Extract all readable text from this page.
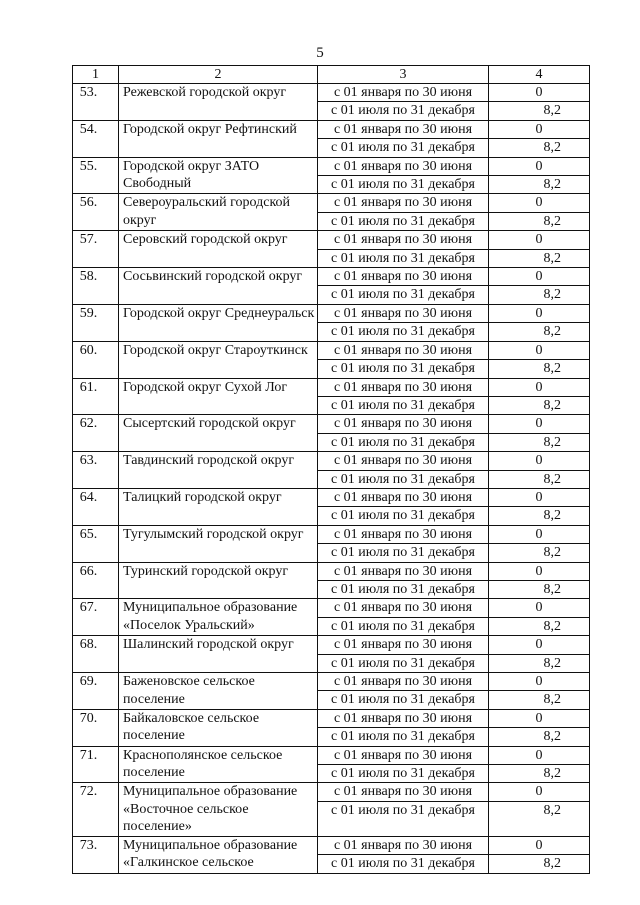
5
1	2	3	4
53.	Режевской городской округ	с 01 января по 30 июня	0
		с 01 июля по 31 декабря	8,2
54.	Городской округ Рефтинский	с 01 января по 30 июня	0
		с 01 июля по 31 декабря	8,2
55.	Городской округ ЗАТО Свободный	с 01 января по 30 июня	0
		с 01 июля по 31 декабря	8,2
56.	Североуральский городской округ	с 01 января по 30 июня	0
		с 01 июля по 31 декабря	8,2
57.	Серовский городской округ	с 01 января по 30 июня	0
		с 01 июля по 31 декабря	8,2
58.	Сосьвинский городской округ	с 01 января по 30 июня	0
		с 01 июля по 31 декабря	8,2
59.	Городской округ Среднеуральск	с 01 января по 30 июня	0
		с 01 июля по 31 декабря	8,2
60.	Городской округ Староуткинск	с 01 января по 30 июня	0
		с 01 июля по 31 декабря	8,2
61.	Городской округ Сухой Лог	с 01 января по 30 июня	0
		с 01 июля по 31 декабря	8,2
62.	Сысертский городской округ	с 01 января по 30 июня	0
		с 01 июля по 31 декабря	8,2
63.	Тавдинский городской округ	с 01 января по 30 июня	0
		с 01 июля по 31 декабря	8,2
64.	Талицкий городской округ	с 01 января по 30 июня	0
		с 01 июля по 31 декабря	8,2
65.	Тугулымский городской округ	с 01 января по 30 июня	0
		с 01 июля по 31 декабря	8,2
66.	Туринский городской округ	с 01 января по 30 июня	0
		с 01 июля по 31 декабря	8,2
67.	Муниципальное образование «Поселок Уральский»	с 01 января по 30 июня	0
		с 01 июля по 31 декабря	8,2
68.	Шалинский городской округ	с 01 января по 30 июня	0
		с 01 июля по 31 декабря	8,2
69.	Баженовское сельское поселение	с 01 января по 30 июня	0
		с 01 июля по 31 декабря	8,2
70.	Байкаловское сельское поселение	с 01 января по 30 июня	0
		с 01 июля по 31 декабря	8,2
71.	Краснополянское сельское поселение	с 01 января по 30 июня	0
		с 01 июля по 31 декабря	8,2
72.	Муниципальное образование «Восточное сельское поселение»	с 01 января по 30 июня	0
		с 01 июля по 31 декабря	8,2

73.	Муниципальное образование «Галкинское сельское	с 01 января по 30 июня	0
		с 01 июля по 31 декабря	8,2
